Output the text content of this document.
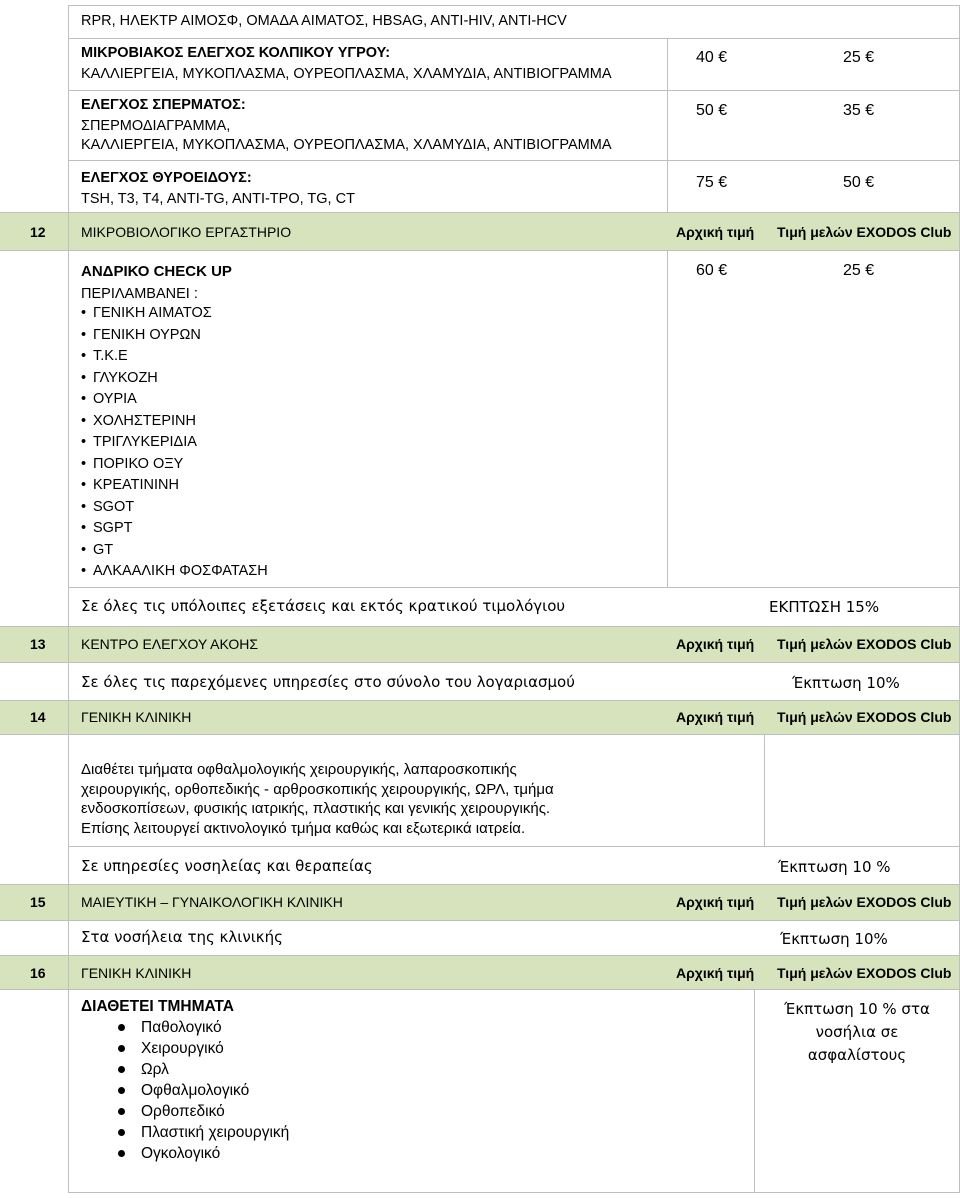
RPR, ΗΛΕΚΤΡ ΑΙΜΟΣΦ, ΟΜΑΔΑ ΑΙΜΑΤΟΣ, HBSAG, ANTI-HIV, ANTI-HCV
ΜΙΚΡΟΒΙΑΚΟΣ ΕΛΕΓΧΟΣ ΚΟΛΠΙΚΟΥ ΥΓΡΟΥ:
ΚΑΛΛΙΕΡΓΕΙΑ, ΜΥΚΟΠΛΑΣΜΑ, ΟΥΡΕΟΠΛΑΣΜΑ, ΧΛΑΜΥΔΙΑ, ΑΝΤΙΒΙΟΓΡΑΜΜΑ
40 €	25 €
ΕΛΕΓΧΟΣ ΣΠΕΡΜΑΤΟΣ:
ΣΠΕΡΜΟΔΙΑΓΡΑΜΜΑ,
ΚΑΛΛΙΕΡΓΕΙΑ, ΜΥΚΟΠΛΑΣΜΑ, ΟΥΡΕΟΠΛΑΣΜΑ, ΧΛΑΜΥΔΙΑ, ΑΝΤΙΒΙΟΓΡΑΜΜΑ
50 €	35 €
ΕΛΕΓΧΟΣ ΘΥΡΟΕΙΔΟΥΣ:
TSH, T3, T4, ANTI-TG, ANTI-TPO, TG, CT
75 €	50 €
12	ΜΙΚΡΟΒΙΟΛΟΓΙΚΟ ΕΡΓΑΣΤΗΡΙΟ	Αρχική τιμή Τιμή μελών EXODOS Club
ΑΝΔΡΙΚΟ CHECK UP
ΠΕΡΙΛΑΜΒΑΝΕΙ :
• ΓΕΝΙΚΗ ΑΙΜΑΤΟΣ
• ΓΕΝΙΚΗ ΟΥΡΩΝ
• Τ.Κ.Ε
• ΓΛΥΚΟΖΗ
• ΟΥΡΙΑ
• ΧΟΛΗΣΤΕΡΙΝΗ
• ΤΡΙΓΛΥΚΕΡΙΔΙΑ
• ΠΟΡΙΚΟ ΟΞΥ
• ΚΡΕΑΤΙΝΙΝΗ
• SGOT
• SGPT
• GT
• ΑΛΚΑΑΛΙΚΗ ΦΟΣΦΑΤΑΣΗ
60 €	25 €
Σε όλες τις υπόλοιπες εξετάσεις και εκτός κρατικού τιμολόγιου	ΕΚΠΤΩΣΗ 15%
13	ΚΕΝΤΡΟ ΕΛΕΓΧΟΥ ΑΚΟΗΣ	Αρχική τιμή Τιμή μελών EXODOS Club
Σε όλες τις παρεχόμενες υπηρεσίες στο σύνολο του λογαριασμού	Έκπτωση 10%
14	ΓΕΝΙΚΗ ΚΛΙΝΙΚΗ	Αρχική τιμή Τιμή μελών EXODOS Club
Διαθέτει τμήματα οφθαλμολογικής χειρουργικής, λαπαροσκοπικής
χειρουργικής, ορθοπεδικής - αρθροσκοπικής χειρουργικής, ΩΡΛ, τμήμα
ενδοσκοπίσεων, φυσικής ιατρικής, πλαστικής και γενικής χειρουργικής.
Επίσης λειτουργεί ακτινολογικό τμήμα καθώς και εξωτερικά ιατρεία.
Σε υπηρεσίες νοσηλείας και θεραπείας	Έκπτωση 10 %
15	ΜΑΙΕΥΤΙΚΗ – ΓΥΝΑΙΚΟΛΟΓΙΚΗ ΚΛΙΝΙΚΗ	Αρχική τιμή Τιμή μελών EXODOS Club
Στα νοσήλεια της κλινικής	Έκπτωση 10%
16	ΓΕΝΙΚΗ ΚΛΙΝΙΚΗ	Αρχική τιμή Τιμή μελών EXODOS Club
ΔΙΑΘΕΤΕΙ ΤΜΗΜΑΤΑ
Παθολογικό
Χειρουργικό
Ωρλ
Οφθαλμολογικό
Ορθοπεδικό
Πλαστική χειρουργική
Ογκολογικό
Έκπτωση 10 % στα
νοσήλια σε
ασφαλίστους
